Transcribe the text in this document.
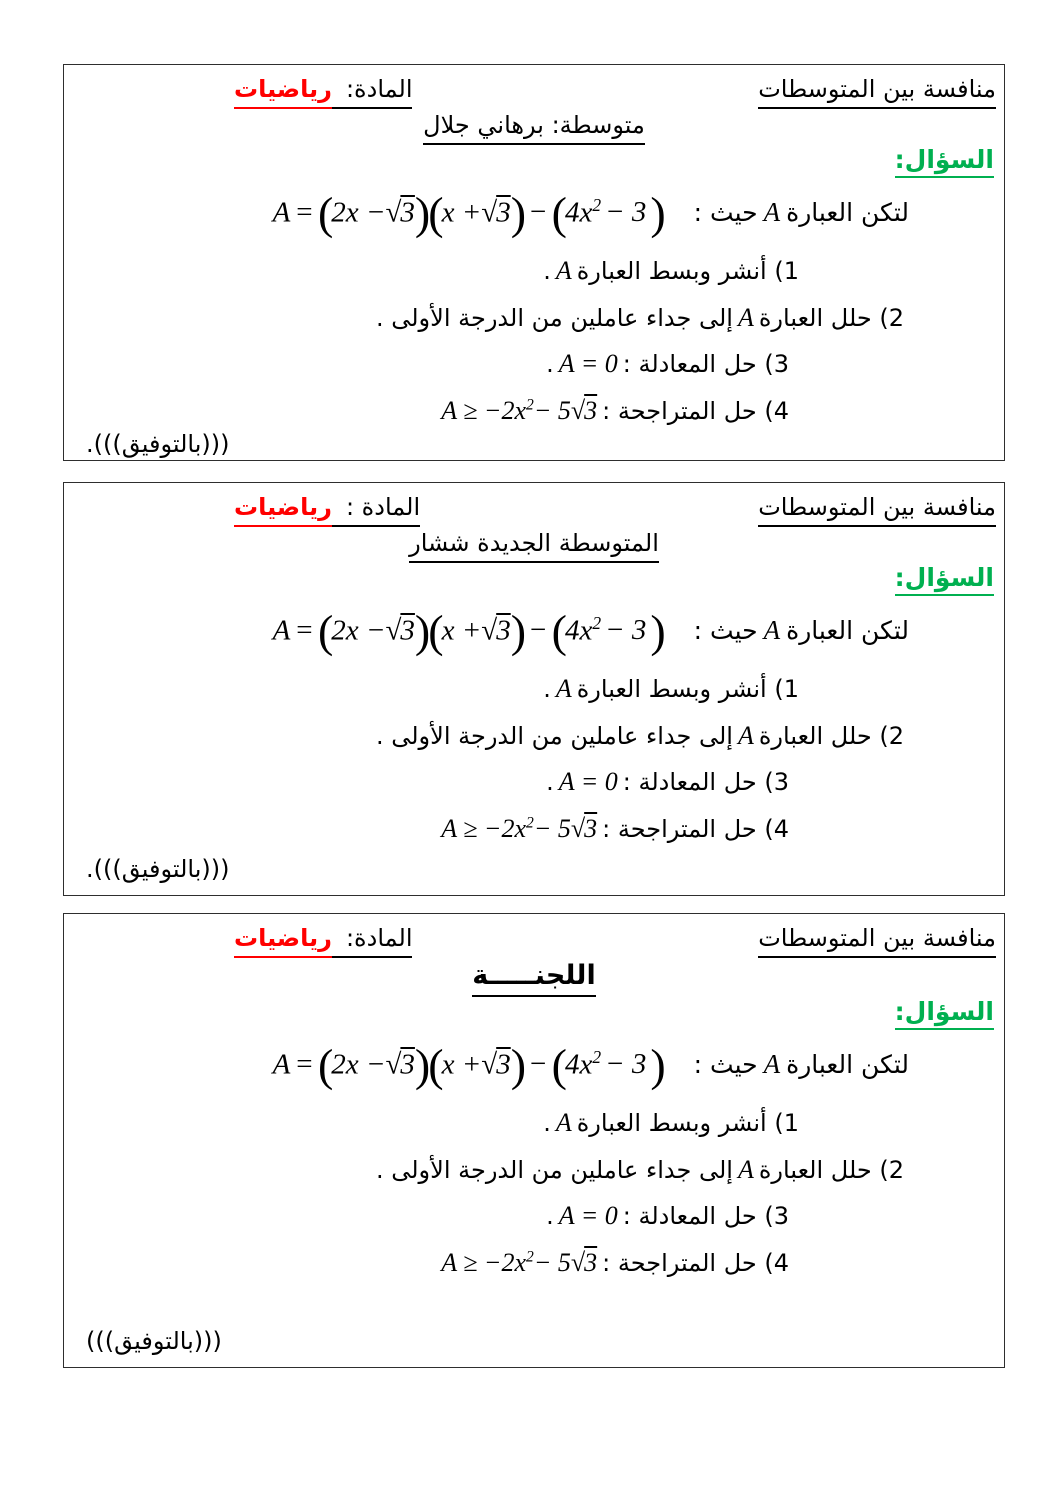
منافسة بين المتوسطات
المادة:رياضيات
متوسطة: برهاني جلال
السؤال:
لتكن العبارةAحيث :
$A =(2x -√3)(x +√3) -(4x^2 - 3)$
1) أنشر وبسط العبارةA.
2) حلل العبارةAإلى جداء عاملين من الدرجة الأولى .
3) حل المعادلة :A = 0.
4) حل المتراجحة :A ≥ $-2x^2- 5√3$
(((بالتوفيق))).
منافسة بين المتوسطات
المادة :رياضيات
المتوسطة الجديدة ششار
السؤال:
لتكن العبارةAحيث :
$A =(2x -√3)(x +√3) -(4x^2 - 3)$
1) أنشر وبسط العبارةA.
2) حلل العبارةAإلى جداء عاملين من الدرجة الأولى .
3) حل المعادلة :A = 0.
4) حل المتراجحة :A ≥ $-2x^2- 5√3$
(((بالتوفيق))).
منافسة بين المتوسطات
المادة:رياضيات
اللجنـــــة
السؤال:
لتكن العبارةAحيث :
$A =(2x -√3)(x +√3) -(4x^2 - 3)$
1) أنشر وبسط العبارةA.
2) حلل العبارةAإلى جداء عاملين من الدرجة الأولى .
3) حل المعادلة :A = 0.
4) حل المتراجحة :A ≥ $-2x^2- 5√3$
(((بالتوفيق)))
